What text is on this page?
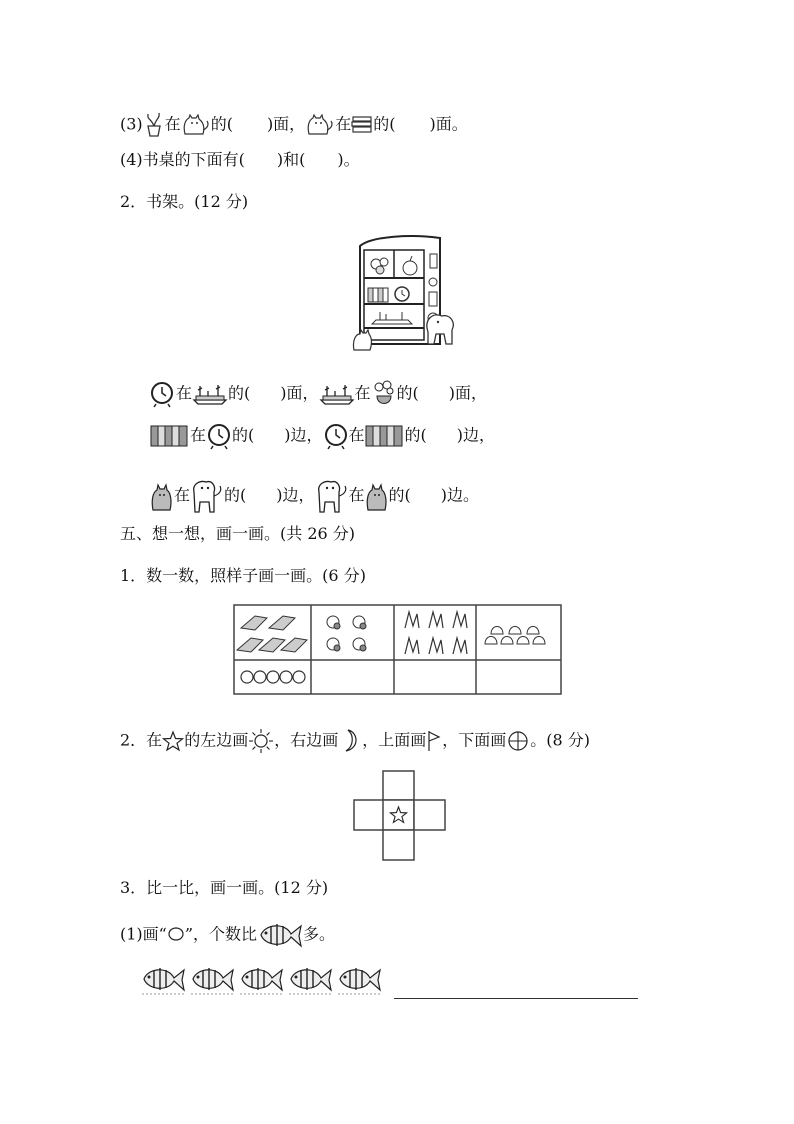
(3) 在 的( )面， 在 的( )面。
(4)书桌的下面有(　　)和(　　)。
2．书架。(12 分)
在 的( )面， 在 的( )面，
在 的( )边， 在	的( )边，
在 的( )边， 在 的( )边。
五、想一想，画一画。(共 26 分)
1．数一数，照样子画一画。(6 分)
2．在 的左边画 ，右边画 ，上面画 ，下面画 。(8 分)
3．比一比，画一画。(12 分)
(1)画“ ”，个数比	多。
